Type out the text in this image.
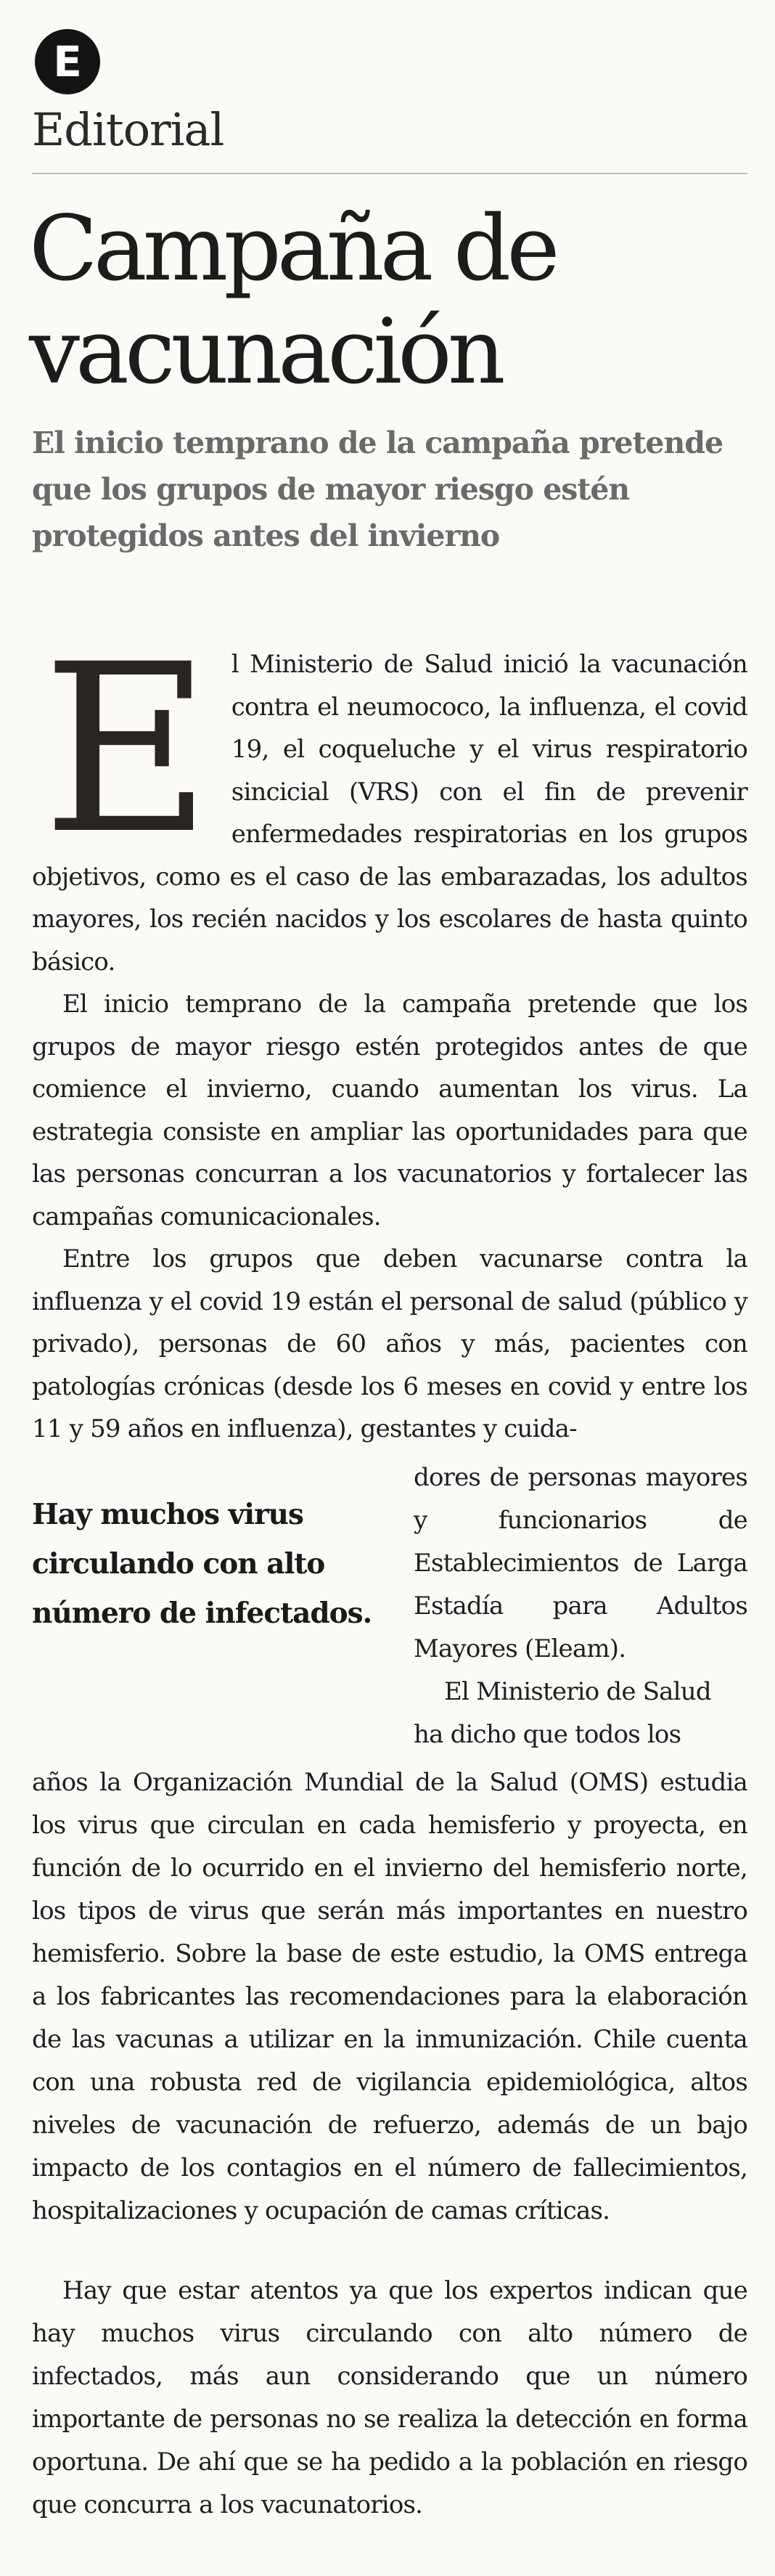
E
Editorial
Campaña de
vacunación
El inicio temprano de la campaña pretende que los grupos de mayor riesgo estén protegidos antes del invierno
E l Ministerio de Salud inició la vacunación contra el neumococo, la influenza, el covid 19, el coqueluche y el virus respiratorio sincicial (VRS) con el fin de prevenir enfermedades respiratorias en los grupos objetivos, como es el caso de las embarazadas, los adultos mayores, los recién nacidos y los escolares de hasta quinto básico.

El inicio temprano de la campaña pretende que los grupos de mayor riesgo estén protegidos antes de que comience el invierno, cuando aumentan los virus. La estrategia consiste en ampliar las oportunidades para que las personas concurran a los vacunatorios y fortalecer las campañas comunicacionales.

Entre los grupos que deben vacunarse contra la influenza y el covid 19 están el personal de salud (público y privado), personas de 60 años y más, pacientes con patologías crónicas (desde los 6 meses en covid y entre los 11 y 59 años en influenza), gestantes y cuida-

dores de personas mayores y funcionarios de Establecimientos de Larga Estadía para Adultos Mayores (Eleam).

El Ministerio de Salud ha dicho que todos los

Hay muchos virus circulando con alto número de infectados.

años la Organización Mundial de la Salud (OMS) estudia los virus que circulan en cada hemisferio y proyecta, en función de lo ocurrido en el invierno del hemisferio norte, los tipos de virus que serán más importantes en nuestro hemisferio. Sobre la base de este estudio, la OMS entrega a los fabricantes las recomendaciones para la elaboración de las vacunas a utilizar en la inmunización. Chile cuenta con una robusta red de vigilancia epidemiológica, altos niveles de vacunación de refuerzo, además de un bajo impacto de los contagios en el número de fallecimientos, hospitalizaciones y ocupación de camas críticas.

Hay que estar atentos ya que los expertos indican que hay muchos virus circulando con alto número de infectados, más aun considerando que un número importante de personas no se realiza la detección en forma oportuna. De ahí que se ha pedido a la población en riesgo que concurra a los vacunatorios.
